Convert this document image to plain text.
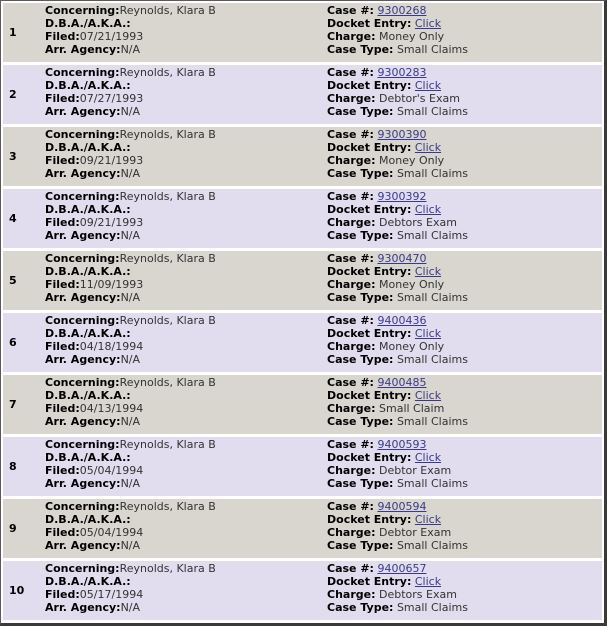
1
Concerning:Reynolds, Klara B
D.B.A./A.K.A.:
Filed:07/21/1993
Arr. Agency:N/A
Case #: 9300268
Docket Entry: Click
Charge: Money Only
Case Type: Small Claims
2
Concerning:Reynolds, Klara B
D.B.A./A.K.A.:
Filed:07/27/1993
Arr. Agency:N/A
Case #: 9300283
Docket Entry: Click
Charge: Debtor's Exam
Case Type: Small Claims
3
Concerning:Reynolds, Klara B
D.B.A./A.K.A.:
Filed:09/21/1993
Arr. Agency:N/A
Case #: 9300390
Docket Entry: Click
Charge: Money Only
Case Type: Small Claims
4
Concerning:Reynolds, Klara B
D.B.A./A.K.A.:
Filed:09/21/1993
Arr. Agency:N/A
Case #: 9300392
Docket Entry: Click
Charge: Debtors Exam
Case Type: Small Claims
5
Concerning:Reynolds, Klara B
D.B.A./A.K.A.:
Filed:11/09/1993
Arr. Agency:N/A
Case #: 9300470
Docket Entry: Click
Charge: Money Only
Case Type: Small Claims
6
Concerning:Reynolds, Klara B
D.B.A./A.K.A.:
Filed:04/18/1994
Arr. Agency:N/A
Case #: 9400436
Docket Entry: Click
Charge: Money Only
Case Type: Small Claims
7
Concerning:Reynolds, Klara B
D.B.A./A.K.A.:
Filed:04/13/1994
Arr. Agency:N/A
Case #: 9400485
Docket Entry: Click
Charge: Small Claim
Case Type: Small Claims
8
Concerning:Reynolds, Klara B
D.B.A./A.K.A.:
Filed:05/04/1994
Arr. Agency:N/A
Case #: 9400593
Docket Entry: Click
Charge: Debtor Exam
Case Type: Small Claims
9
Concerning:Reynolds, Klara B
D.B.A./A.K.A.:
Filed:05/04/1994
Arr. Agency:N/A
Case #: 9400594
Docket Entry: Click
Charge: Debtor Exam
Case Type: Small Claims
10
Concerning:Reynolds, Klara B
D.B.A./A.K.A.:
Filed:05/17/1994
Arr. Agency:N/A
Case #: 9400657
Docket Entry: Click
Charge: Debtors Exam
Case Type: Small Claims
